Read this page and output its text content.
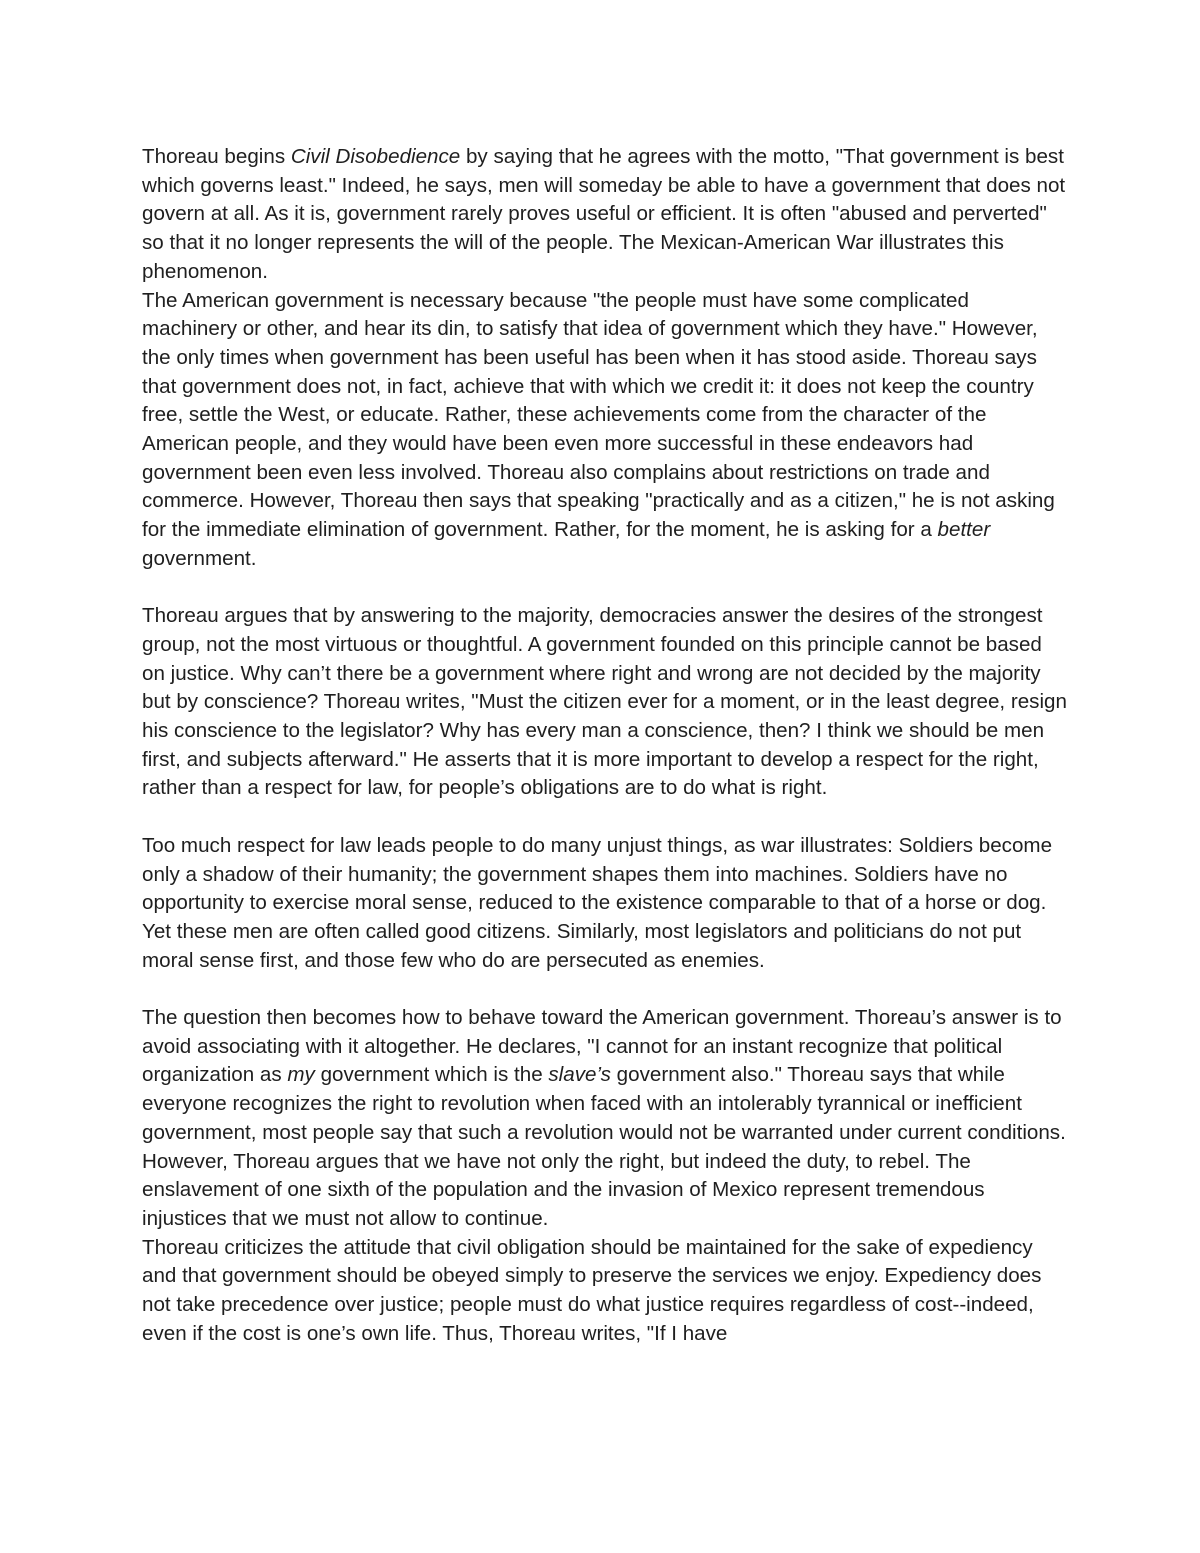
Thoreau begins Civil Disobedience by saying that he agrees with the motto, "That government is best which governs least." Indeed, he says, men will someday be able to have a government that does not govern at all. As it is, government rarely proves useful or efficient. It is often "abused and perverted" so that it no longer represents the will of the people. The Mexican-American War illustrates this phenomenon.

The American government is necessary because "the people must have some complicated machinery or other, and hear its din, to satisfy that idea of government which they have." However, the only times when government has been useful has been when it has stood aside. Thoreau says that government does not, in fact, achieve that with which we credit it: it does not keep the country free, settle the West, or educate. Rather, these achievements come from the character of the American people, and they would have been even more successful in these endeavors had government been even less involved. Thoreau also complains about restrictions on trade and commerce. However, Thoreau then says that speaking "practically and as a citizen," he is not asking for the immediate elimination of government. Rather, for the moment, he is asking for a better government.

Thoreau argues that by answering to the majority, democracies answer the desires of the strongest group, not the most virtuous or thoughtful. A government founded on this principle cannot be based on justice. Why can’t there be a government where right and wrong are not decided by the majority but by conscience? Thoreau writes, "Must the citizen ever for a moment, or in the least degree, resign his conscience to the legislator? Why has every man a conscience, then? I think we should be men first, and subjects afterward." He asserts that it is more important to develop a respect for the right, rather than a respect for law, for people’s obligations are to do what is right.

Too much respect for law leads people to do many unjust things, as war illustrates: Soldiers become only a shadow of their humanity; the government shapes them into machines. Soldiers have no opportunity to exercise moral sense, reduced to the existence comparable to that of a horse or dog. Yet these men are often called good citizens. Similarly, most legislators and politicians do not put moral sense first, and those few who do are persecuted as enemies.

The question then becomes how to behave toward the American government. Thoreau’s answer is to avoid associating with it altogether. He declares, "I cannot for an instant recognize that political organization as my government which is the slave’s government also." Thoreau says that while everyone recognizes the right to revolution when faced with an intolerably tyrannical or inefficient government, most people say that such a revolution would not be warranted under current conditions. However, Thoreau argues that we have not only the right, but indeed the duty, to rebel. The enslavement of one sixth of the population and the invasion of Mexico represent tremendous injustices that we must not allow to continue.

Thoreau criticizes the attitude that civil obligation should be maintained for the sake of expediency and that government should be obeyed simply to preserve the services we enjoy. Expediency does not take precedence over justice; people must do what justice requires regardless of cost--indeed, even if the cost is one’s own life. Thus, Thoreau writes, "If I have
